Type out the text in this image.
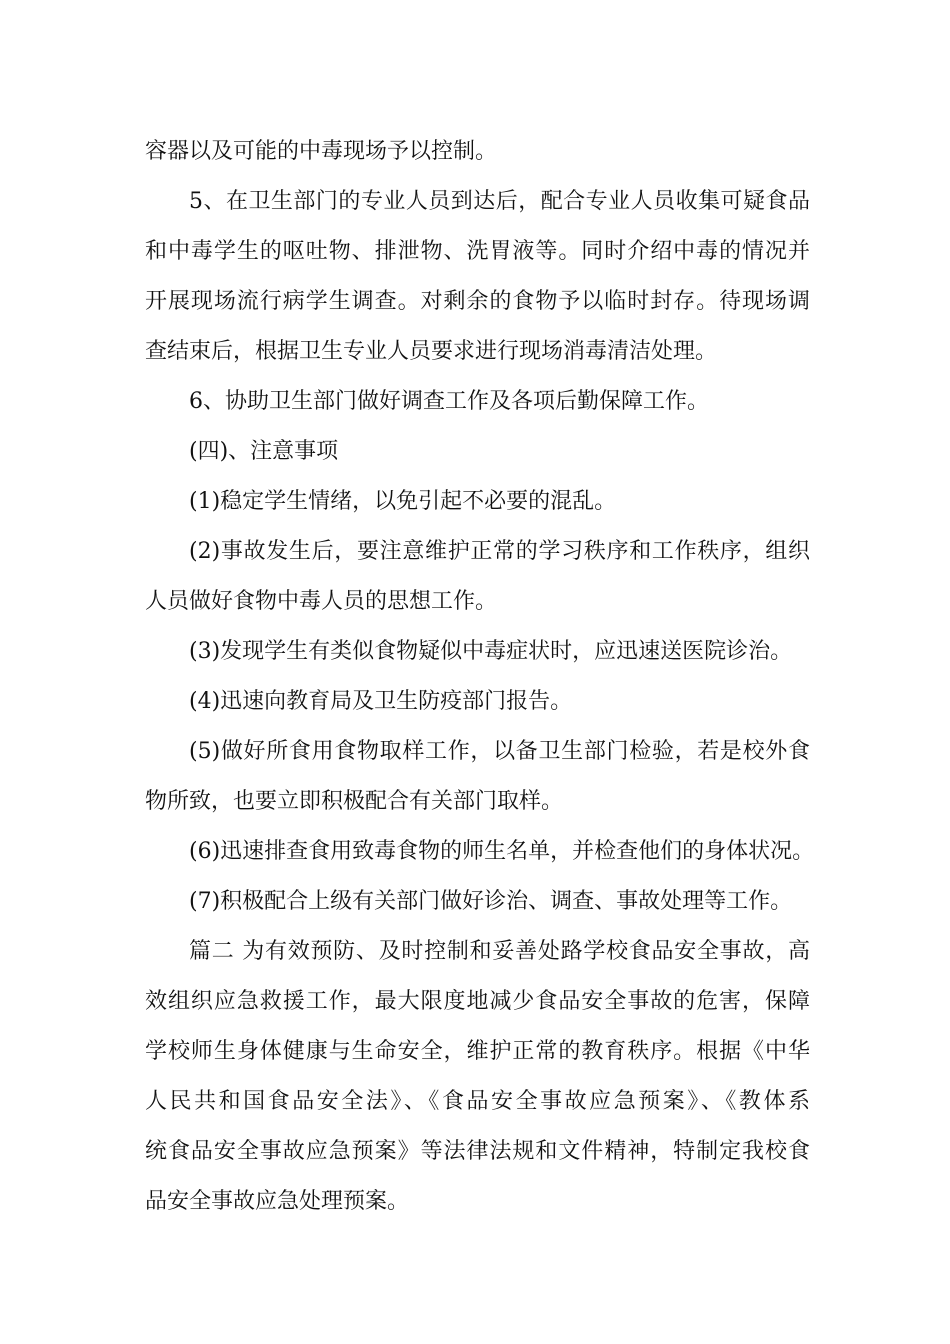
容器以及可能的中毒现场予以控制。
5、在卫生部门的专业人员到达后，配合专业人员收集可疑食品
和中毒学生的呕吐物、排泄物、洗胃液等。同时介绍中毒的情况并
开展现场流行病学生调查。对剩余的食物予以临时封存。待现场调
查结束后，根据卫生专业人员要求进行现场消毒清洁处理。
6、协助卫生部门做好调查工作及各项后勤保障工作。
(四)、注意事项
(1)稳定学生情绪，以免引起不必要的混乱。
(2)事故发生后，要注意维护正常的学习秩序和工作秩序，组织
人员做好食物中毒人员的思想工作。
(3)发现学生有类似食物疑似中毒症状时，应迅速送医院诊治。
(4)迅速向教育局及卫生防疫部门报告。
(5)做好所食用食物取样工作，以备卫生部门检验，若是校外食
物所致，也要立即积极配合有关部门取样。
(6)迅速排查食用致毒食物的师生名单，并检查他们的身体状况。
(7)积极配合上级有关部门做好诊治、调查、事故处理等工作。
篇二 为有效预防、及时控制和妥善处路学校食品安全事故，高
效组织应急救援工作，最大限度地减少食品安全事故的危害，保障
学校师生身体健康与生命安全，维护正常的教育秩序。根据《中华
人民共和国食品安全法》、《食品安全事故应急预案》、《教体系
统食品安全事故应急预案》等法律法规和文件精神，特制定我校食
品安全事故应急处理预案。
